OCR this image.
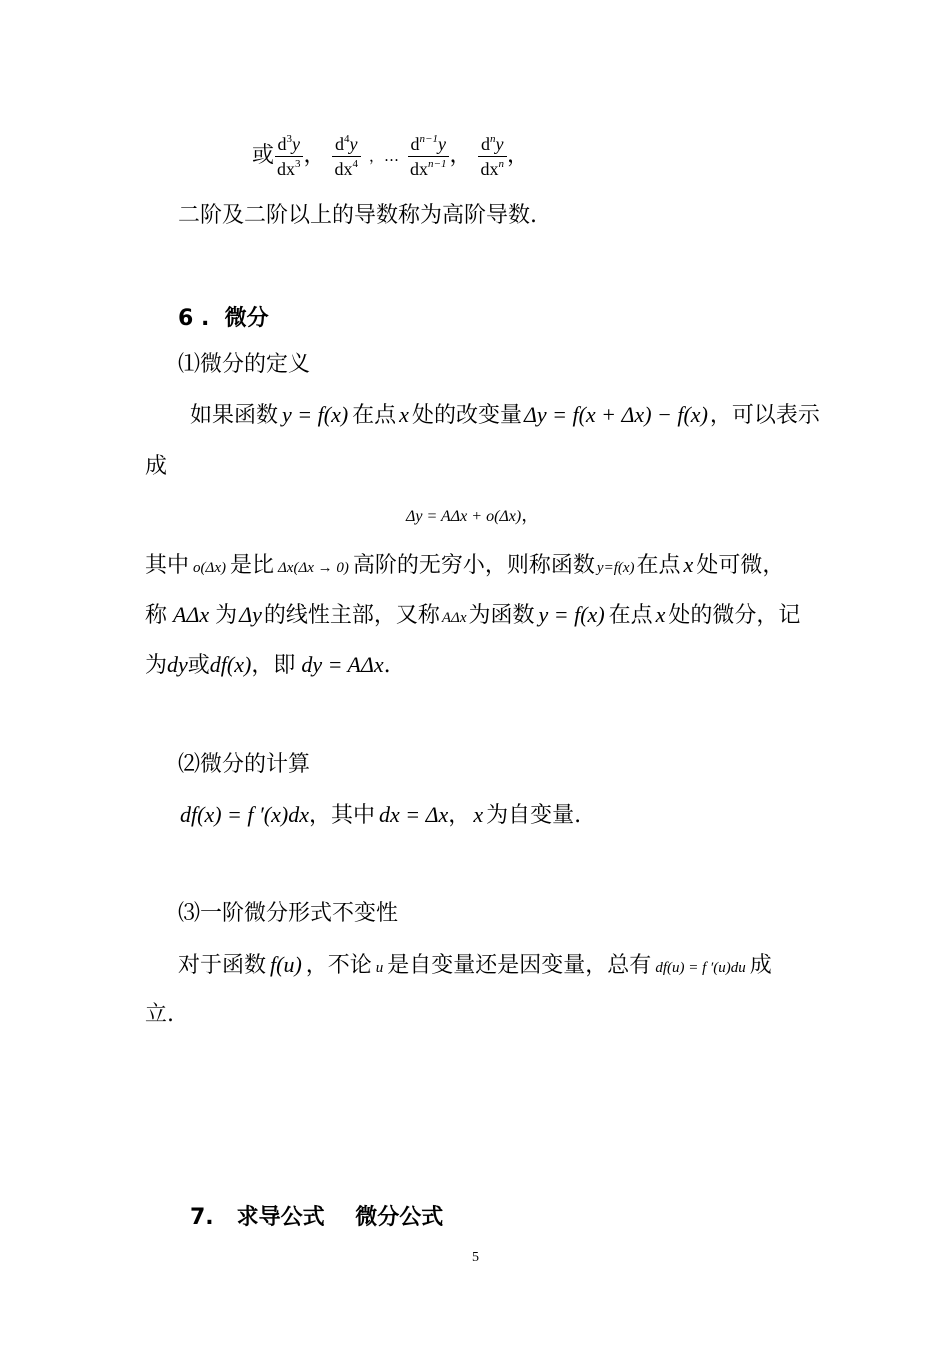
或 $\frac{d^3y}{dx^3}$ ， $\frac{d^4y}{dx^4}$ ，… $\frac{d^{n-1}y}{dx^{n-1}}$ ， $\frac{d^ny}{dx^n}$ ，
二阶及二阶以上的导数称为高阶导数.
6 .  微分
⑴微分的定义
如果函数 y = f(x) 在点 x 处的改变量Δy = f(x + Δx) − f(x)，可以表示
成
Δy = AΔx + o(Δx)，
其中 o(Δx) 是比 Δx(Δx → 0) 高阶的无穷小，则称函数 y=f(x)在点 x 处可微，
称 AΔx 为Δy的线性主部，又称 AΔx为函数 y = f(x) 在点 x 处的微分，记
为dy或df(x)，即 dy = AΔx.
⑵微分的计算
df(x) = f ′(x)dx，其中 dx = Δx， x 为自变量.
⑶一阶微分形式不变性
对于函数 f(u) ，不论 u 是自变量还是因变量，总有 df(u) = f ′(u)du 成
立.
7.   求导公式    微分公式
5
